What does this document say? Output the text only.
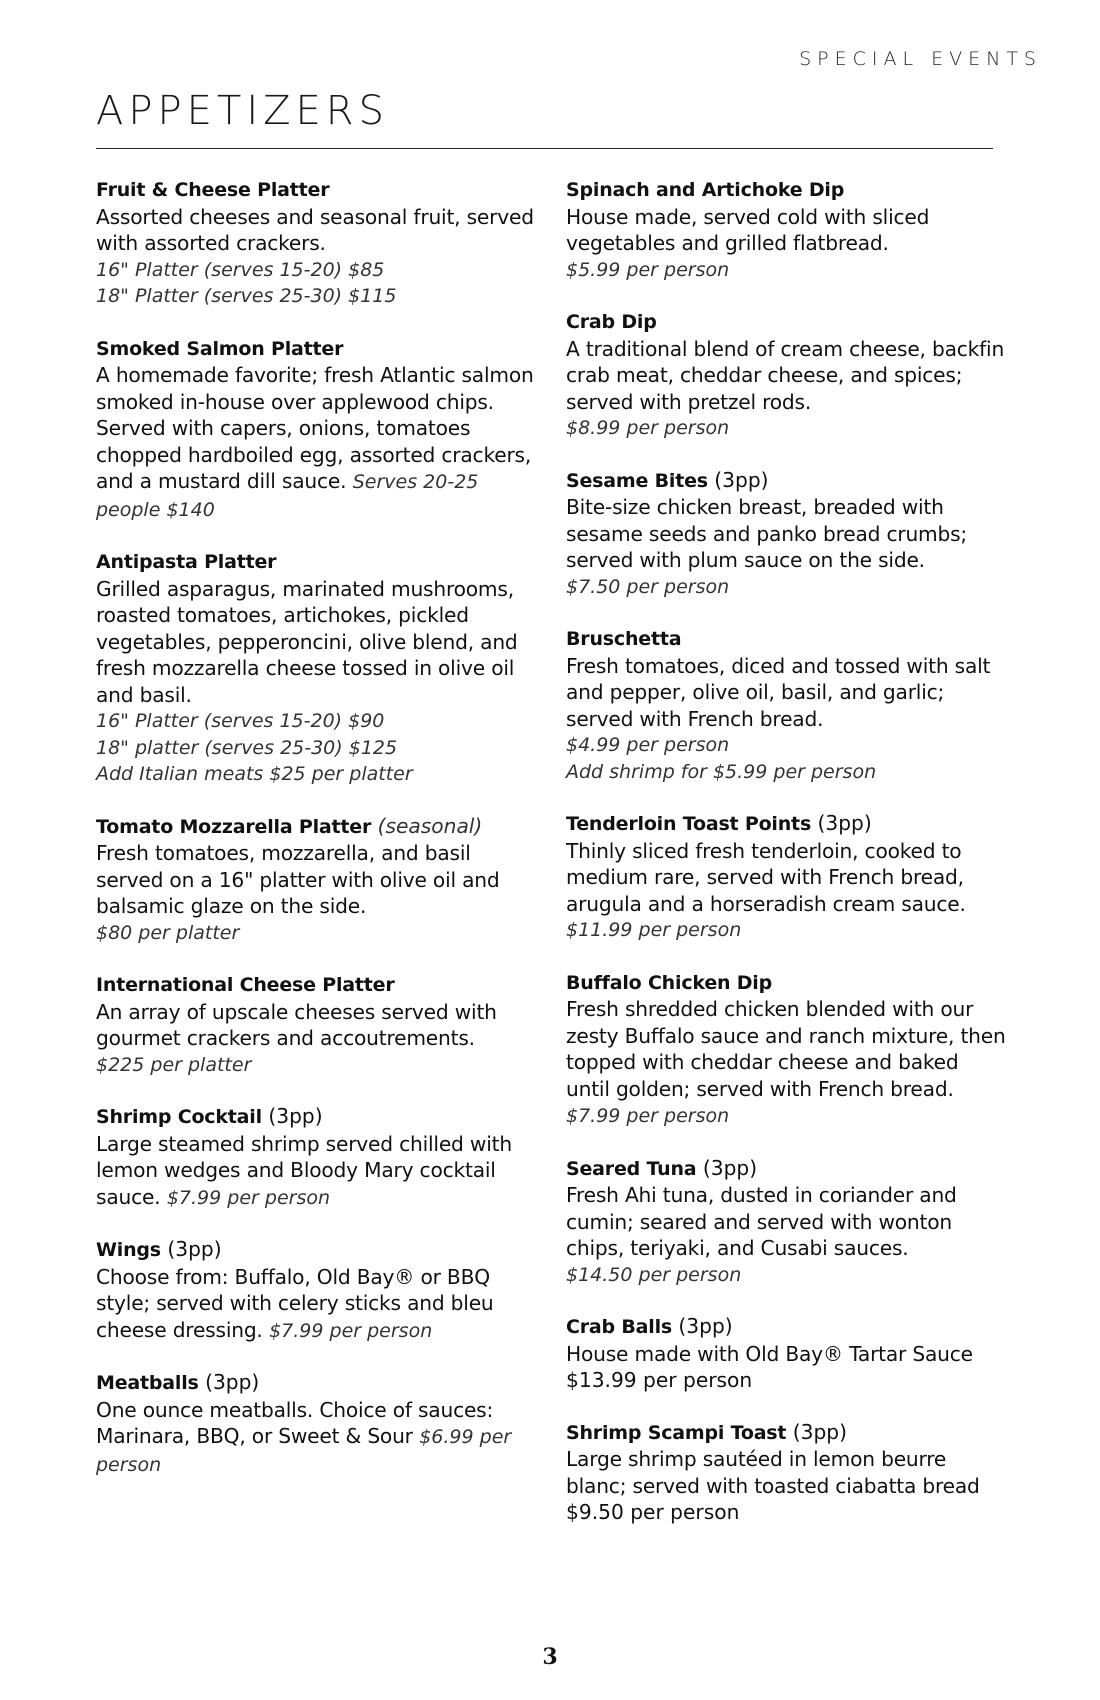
SPECIAL EVENTS
APPETIZERS
Fruit & Cheese Platter
Assorted cheeses and seasonal fruit, served with assorted crackers.
16" Platter (serves 15-20) $85
18" Platter (serves 25-30) $115
Smoked Salmon Platter
A homemade favorite; fresh Atlantic salmon smoked in-house over applewood chips. Served with capers, onions, tomatoes chopped hardboiled egg, assorted crackers, and a mustard dill sauce. Serves 20-25 people $140
Antipasta Platter
Grilled asparagus, marinated mushrooms, roasted tomatoes, artichokes, pickled vegetables, pepperoncini, olive blend, and fresh mozzarella cheese tossed in olive oil and basil.
16" Platter (serves 15-20) $90
18" platter (serves 25-30) $125
Add Italian meats $25 per platter
Tomato Mozzarella Platter (seasonal)
Fresh tomatoes, mozzarella, and basil served on a 16" platter with olive oil and balsamic glaze on the side.
$80 per platter
International Cheese Platter
An array of upscale cheeses served with gourmet crackers and accoutrements.
$225 per platter
Shrimp Cocktail (3pp)
Large steamed shrimp served chilled with lemon wedges and Bloody Mary cocktail sauce. $7.99 per person
Wings (3pp)
Choose from: Buffalo, Old Bay® or BBQ style; served with celery sticks and bleu cheese dressing. $7.99 per person
Meatballs (3pp)
One ounce meatballs. Choice of sauces: Marinara, BBQ, or Sweet & Sour $6.99 per person
Spinach and Artichoke Dip
House made, served cold with sliced vegetables and grilled flatbread.
$5.99 per person
Crab Dip
A traditional blend of cream cheese, backfin crab meat, cheddar cheese, and spices; served with pretzel rods.
$8.99 per person
Sesame Bites (3pp)
Bite-size chicken breast, breaded with sesame seeds and panko bread crumbs; served with plum sauce on the side.
$7.50 per person
Bruschetta
Fresh tomatoes, diced and tossed with salt and pepper, olive oil, basil, and garlic; served with French bread.
$4.99 per person
Add shrimp for $5.99 per person
Tenderloin Toast Points (3pp)
Thinly sliced fresh tenderloin, cooked to medium rare, served with French bread, arugula and a horseradish cream sauce.
$11.99 per person
Buffalo Chicken Dip
Fresh shredded chicken blended with our zesty Buffalo sauce and ranch mixture, then topped with cheddar cheese and baked until golden; served with French bread. $7.99 per person
Seared Tuna (3pp)
Fresh Ahi tuna, dusted in coriander and cumin; seared and served with wonton chips, teriyaki, and Cusabi sauces.
$14.50 per person
Crab Balls (3pp)
House made with Old Bay® Tartar Sauce
$13.99 per person
Shrimp Scampi Toast (3pp)
Large shrimp sautéed in lemon beurre blanc; served with toasted ciabatta bread $9.50 per person
3
